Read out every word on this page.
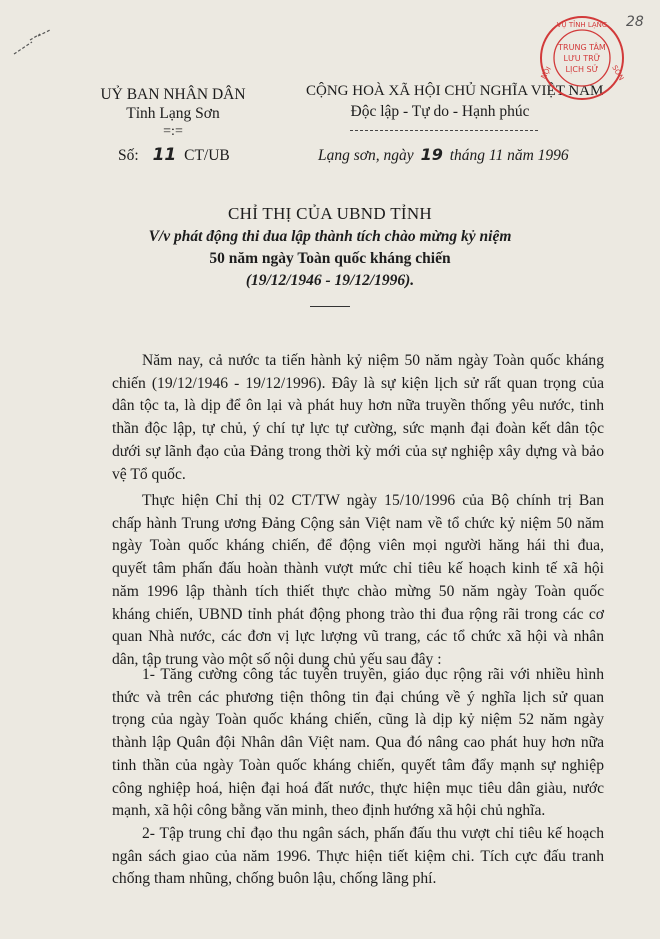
UỶ BAN NHÂN DÂN
Tỉnh Lạng Sơn
=:=
Số: 11 CT/UB
CỘNG HOÀ XÃ HỘI CHỦ NGHĨA VIỆT NAM
Độc lập - Tự do - Hạnh phúc
Lạng sơn, ngày 19 tháng 11 năm 1996
VỤ TỈNH LẠNG
NỘI	SƠN
TRUNG TÂM
LƯU TRỮ
LỊCH SỬ
28
CHỈ THỊ CỦA UBND TỈNH
V/v phát động thi dua lập thành tích chào mừng kỷ niệm
50 năm ngày Toàn quốc kháng chiến
(19/12/1946 - 19/12/1996).
Năm nay, cả nước ta tiến hành kỷ niệm 50 năm ngày Toàn quốc kháng
chiến (19/12/1946 - 19/12/1996). Đây là sự kiện lịch sử rất quan trọng của
dân tộc ta, là dịp để ôn lại và phát huy hơn nữa truyền thống yêu nước, tinh
thần độc lập, tự chủ, ý chí tự lực tự cường, sức mạnh đại đoàn kết dân tộc
dưới sự lãnh đạo của Đảng trong thời kỳ mới của sự nghiệp xây dựng và bảo
vệ Tổ quốc.
Thực hiện Chỉ thị 02 CT/TW ngày 15/10/1996 của Bộ chính trị Ban
chấp hành Trung ương Đảng Cộng sản Việt nam về tổ chức kỷ niệm 50 năm
ngày Toàn quốc kháng chiến, để động viên mọi người hăng hái thi đua,
quyết tâm phấn đấu hoàn thành vượt mức chỉ tiêu kế hoạch kinh tế xã hội
năm 1996 lập thành tích thiết thực chào mừng 50 năm ngày Toàn quốc
kháng chiến, UBND tỉnh phát động phong trào thi đua rộng rãi trong các cơ
quan Nhà nước, các đơn vị lực lượng vũ trang, các tổ chức xã hội và nhân
dân, tập trung vào một số nội dung chủ yếu sau đây :
1- Tăng cường công tác tuyên truyền, giáo dục rộng rãi với nhiều hình
thức và trên các phương tiện thông tin đại chúng về ý nghĩa lịch sử quan
trọng của ngày Toàn quốc kháng chiến, cũng là dịp kỷ niệm 52 năm ngày
thành lập Quân đội Nhân dân Việt nam. Qua đó nâng cao phát huy hơn nữa
tinh thần của ngày Toàn quốc kháng chiến, quyết tâm đẩy mạnh sự nghiệp
công nghiệp hoá, hiện đại hoá đất nước, thực hiện mục tiêu dân giàu, nước
mạnh, xã hội công bằng văn minh, theo định hướng xã hội chủ nghĩa.
2- Tập trung chỉ đạo thu ngân sách, phấn đấu thu vượt chỉ tiêu kế hoạch
ngân sách giao của năm 1996. Thực hiện tiết kiệm chi. Tích cực đấu tranh
chống tham nhũng, chống buôn lậu, chống lãng phí.
